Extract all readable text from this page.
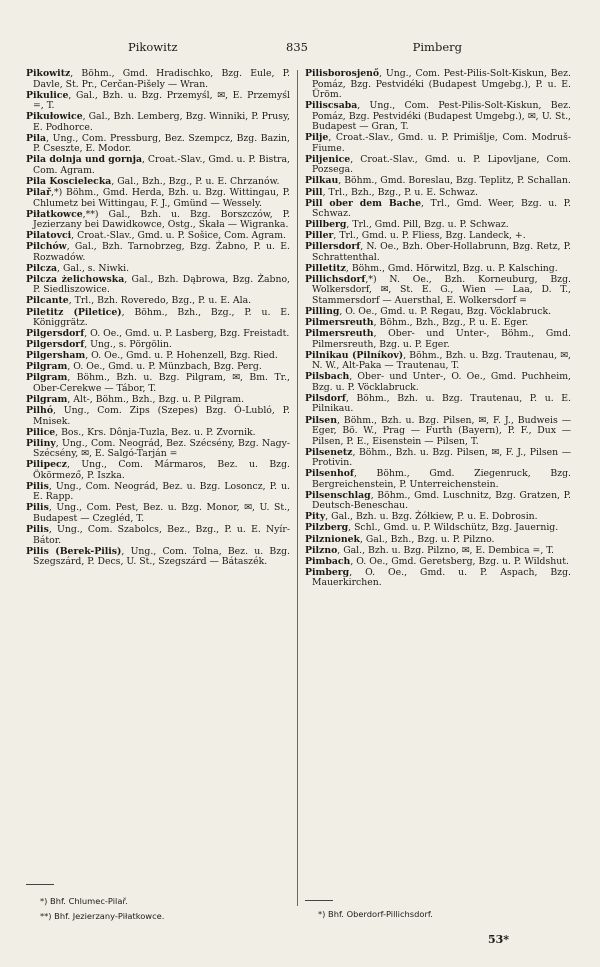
Pikowitz	835	Pimberg
Pikowitz, Böhm., Gmd. Hradischko, Bzg. Eule, P. Davle, St. Pr., Cerčan-Pišely — Wran.
Pikulice, Gal., Bzh. u. Bzg. Przemyśl, ✉, E. Przemyśl =, T.
Pikułowice, Gal., Bzh. Lemberg, Bzg. Winniki, P. Prusy, E. Podhorce.
Pila, Ung., Com. Pressburg, Bez. Szempcz, Bzg. Bazin, P. Csesztе, E. Modor.
Pila dolnja und gornja, Croat.-Slav., Gmd. u. P. Bistra, Com. Agram.
Pila Koscielecka, Gal., Bzh., Bzg., P. u. E. Chrzanów.
Pilař,*) Böhm., Gmd. Herda, Bzh. u. Bzg. Wittingau, P. Chlumetz bei Wittingau, F. J., Gmünd — Wessely.
Piłatkowce,**) Gal., Bzh. u. Bzg. Borszczów, P. Jezierzany bei Dawidkowce, Ostg., Skała — Wigranka.
Pilatovci, Croat.-Slav., Gmd. u. P. Sošice, Com. Agram.
Pilchów, Gal., Bzh. Tarnobrzeg, Bzg. Żabno, P. u. E. Rozwadów.
Pilcza, Gal., s. Niwki.
Pilcza żelichowska, Gal., Bzh. Dąbrowa, Bzg. Żabno, P. Siedliszowice.
Pilcante, Trl., Bzh. Roveredo, Bzg., P. u. E. Ala.
Piletitz (Piletice), Böhm., Bzh., Bzg., P. u. E. Königgrätz.
Pilgersdorf, O. Oe., Gmd. u. P. Lasberg, Bzg. Freistadt.
Pilgersdorf, Ung., s. Pörgölin.
Pilgersham, O. Oe., Gmd. u. P. Hohenzell, Bzg. Ried.
Pilgram, O. Oe., Gmd. u. P. Münzbach, Bzg. Perg.
Pilgram, Böhm., Bzh. u. Bzg. Pilgram, ✉, Bm. Tr., Ober-Cerekwe — Tábor, T.
Pilgram, Alt-, Böhm., Bzh., Bzg. u. P. Pilgram.
Pilhó, Ung., Com. Zips (Szepes) Bzg. Ó-Lubló, P. Mnisek.
Pilice, Bos., Krs. Dônja-Tuzla, Bez. u. P. Zvornik.
Piliny, Ung., Com. Neográd, Bez. Szécsény, Bzg. Nagy-Szécsény, ✉, E. Salgó-Tarján =
Pilipecz, Ung., Com. Mármaros, Bez. u. Bzg. Ökörmező, P. Iszka.
Pilis, Ung., Com. Neográd, Bez. u. Bzg. Losoncz, P. u. E. Rapp.
Pilis, Ung., Com. Pest, Bez. u. Bzg. Monor, ✉, U. St., Budapest — Czegléd, T.
Pilis, Ung., Com. Szabolcs, Bez., Bzg., P. u. E. Nyír-Bátor.
Pilis (Berek-Pilis), Ung., Com. Tolna, Bez. u. Bzg. Szegszárd, P. Decs, U. St., Szegszárd — Bátaszék.
Pilisborosjenő, Ung., Com. Pest-Pilis-Solt-Kiskun, Bez. Pomáz, Bzg. Pestvidéki (Budapest Umgebg.), P. u. E. Üröm.
Piliscsaba, Ung., Com. Pest-Pilis-Solt-Kiskun, Bez. Pomáz, Bzg. Pestvidéki (Budapest Umgebg.), ✉, U. St., Budapest — Gran, T.
Pilje, Croat.-Slav., Gmd. u. P. Primišlje, Com. Modruš-Fiume.
Piljenice, Croat.-Slav., Gmd. u. P. Lipovljane, Com. Pozsega.
Pilkau, Böhm., Gmd. Boreslau, Bzg. Teplitz, P. Schallan.
Pill, Trl., Bzh., Bzg., P. u. E. Schwaz.
Pill ober dem Bache, Trl., Gmd. Weer, Bzg. u. P. Schwaz.
Pillberg, Trl., Gmd. Pill, Bzg. u. P. Schwaz.
Piller, Trl., Gmd. u. P. Fliess, Bzg. Landeck, +.
Pillersdorf, N. Oe., Bzh. Ober-Hollabrunn, Bzg. Retz, P. Schrattenthal.
Pilletitz, Böhm., Gmd. Hörwitzl, Bzg. u. P. Kalsching.
Pillichsdorf,*) N. Oe., Bzh. Korneuburg, Bzg. Wolkersdorf, ✉, St. E. G., Wien — Laa, D. T., Stammersdorf — Auersthal, E. Wolkersdorf =
Pilling, O. Oe., Gmd. u. P. Regau, Bzg. Vöcklabruck.
Pilmersreuth, Böhm., Bzh., Bzg., P. u. E. Eger.
Pilmersreuth, Ober- und Unter-, Böhm., Gmd. Pilmersreuth, Bzg. u. P. Eger.
Pilnikau (Pilníkov), Böhm., Bzh. u. Bzg. Trautenau, ✉, N. W., Alt-Paka — Trautenau, T.
Pilsbach, Ober- und Unter-, O. Oe., Gmd. Puchheim, Bzg. u. P. Vöcklabruck.
Pilsdorf, Böhm., Bzh. u. Bzg. Trautenau, P. u. E. Pilnikau.
Pilsen, Böhm., Bzh. u. Bzg. Pilsen, ✉, F. J., Budweis — Eger, Bö. W., Prag — Furth (Bayern), P. F., Dux — Pilsen, P. E., Eisenstein — Pilsen, T.
Pilsenetz, Böhm., Bzh. u. Bzg. Pilsen, ✉, F. J., Pilsen — Protivin.
Pilsenhof, Böhm., Gmd. Ziegenruck, Bzg. Bergreichenstein, P. Unterreichenstein.
Pilsenschlag, Böhm., Gmd. Luschnitz, Bzg. Gratzen, P. Deutsch-Beneschau.
Pity, Gal., Bzh. u. Bzg. Żółkiew, P. u. E. Dobrosin.
Pilzberg, Schl., Gmd. u. P. Wildschütz, Bzg. Jauernig.
Pilznionek, Gal., Bzh., Bzg. u. P. Pilzno.
Pilzno, Gal., Bzh. u. Bzg. Pilzno, ✉, E. Dembica =, T.
Pimbach, O. Oe., Gmd. Geretsberg, Bzg. u. P. Wildshut.
Pimberg, O. Oe., Gmd. u. P. Aspach, Bzg. Mauerkirchen.
*) Bhf. Chlumec-Pilař.
**) Bhf. Jezierzany-Piłatkowce.	*) Bhf. Oberdorf-Pillichsdorf.
53*
